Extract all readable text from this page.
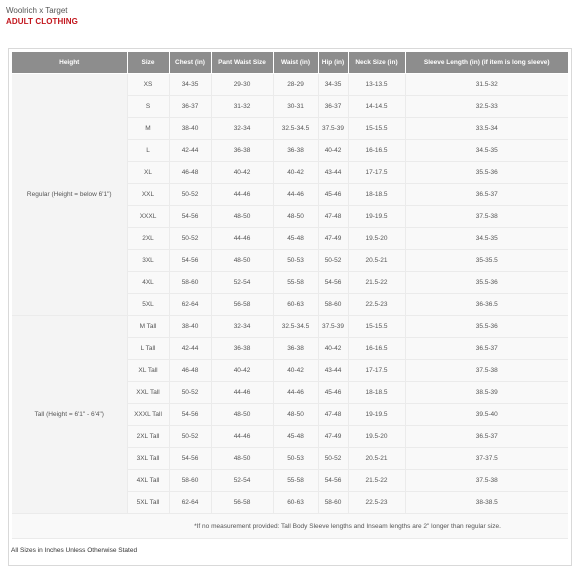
Woolrich x Target
ADULT CLOTHING
Height	Size	Chest (in)	Pant Waist Size	Waist (in)	Hip (in)	Neck Size (in)	Sleeve Length (in) (if item is long sleeve)
Regular (Height = below 6'1")	XS	34-35	29-30	28-29	34-35	13-13.5	31.5-32
	S	36-37	31-32	30-31	36-37	14-14.5	32.5-33
	M	38-40	32-34	32.5-34.5	37.5-39	15-15.5	33.5-34
	L	42-44	36-38	36-38	40-42	16-16.5	34.5-35
	XL	46-48	40-42	40-42	43-44	17-17.5	35.5-36
	XXL	50-52	44-46	44-46	45-46	18-18.5	36.5-37
	XXXL	54-56	48-50	48-50	47-48	19-19.5	37.5-38
	2XL	50-52	44-46	45-48	47-49	19.5-20	34.5-35
	3XL	54-56	48-50	50-53	50-52	20.5-21	35-35.5
	4XL	58-60	52-54	55-58	54-56	21.5-22	35.5-36
	5XL	62-64	56-58	60-63	58-60	22.5-23	36-36.5
Tall (Height = 6'1" - 6'4")	M Tall	38-40	32-34	32.5-34.5	37.5-39	15-15.5	35.5-36
	L Tall	42-44	36-38	36-38	40-42	16-16.5	36.5-37
	XL Tall	46-48	40-42	40-42	43-44	17-17.5	37.5-38
	XXL Tall	50-52	44-46	44-46	45-46	18-18.5	38.5-39
	XXXL Tall	54-56	48-50	48-50	47-48	19-19.5	39.5-40
	2XL Tall	50-52	44-46	45-48	47-49	19.5-20	36.5-37
	3XL Tall	54-56	48-50	50-53	50-52	20.5-21	37-37.5
	4XL Tall	58-60	52-54	55-58	54-56	21.5-22	37.5-38
	5XL Tall	62-64	56-58	60-63	58-60	22.5-23	38-38.5
	*If no measurement provided: Tall Body Sleeve lengths and Inseam lengths are 2" longer than regular size.						
All Sizes in Inches Unless Otherwise Stated
